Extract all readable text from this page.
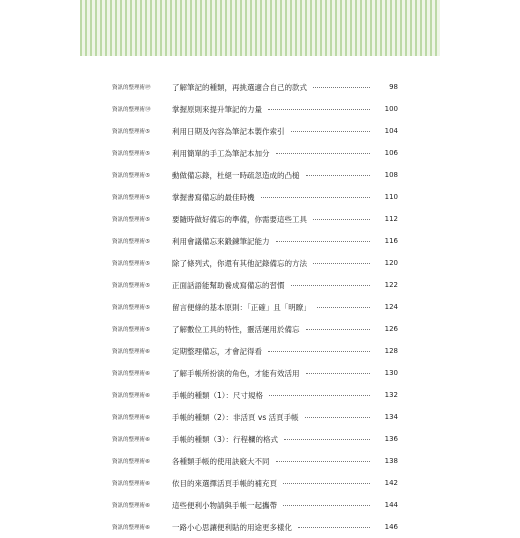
資訊的整理術㊾	了解筆記的種類，再挑選適合自己的款式	98
資訊的整理術㊿	掌握原則來提升筆記的力量	100
資訊的整理術⑤	利用日期及內容為筆記本製作索引	104
資訊的整理術⑤	利用簡單的手工為筆記本加分	106
資訊的整理術⑤	動做備忘錄，杜絕一時疏忽造成的凸槌	108
資訊的整理術⑤	掌握書寫備忘的最佳時機	110
資訊的整理術⑤	要隨時做好備忘的準備，你需要這些工具	112
資訊的整理術⑤	利用會議備忘來鍛鍊筆記能力	116
資訊的整理術⑤	除了條列式，你還有其他記錄備忘的方法	120
資訊的整理術⑤	正面話語能幫助養成寫備忘的習慣	122
資訊的整理術⑤	留言便條的基本原則：「正確」且「明瞭」	124
資訊的整理術⑤	了解數位工具的特性，靈活運用於備忘	126
資訊的整理術⑥	定期整理備忘，才會記得看	128
資訊的整理術⑥	了解手帳所扮演的角色，才能有效活用	130
資訊的整理術⑥	手帳的種類（1）：尺寸規格	132
資訊的整理術⑥	手帳的種類（2）：非活頁 vs 活頁手帳	134
資訊的整理術⑥	手帳的種類（3）：行程欄的格式	136
資訊的整理術⑥	各種類手帳的使用訣竅大不同	138
資訊的整理術⑥	依目的來選擇活頁手帳的補充頁	142
資訊的整理術⑥	這些便利小物請與手帳一起攜帶	144
資訊的整理術⑥	一路小心思讓便利貼的用途更多樣化	146
